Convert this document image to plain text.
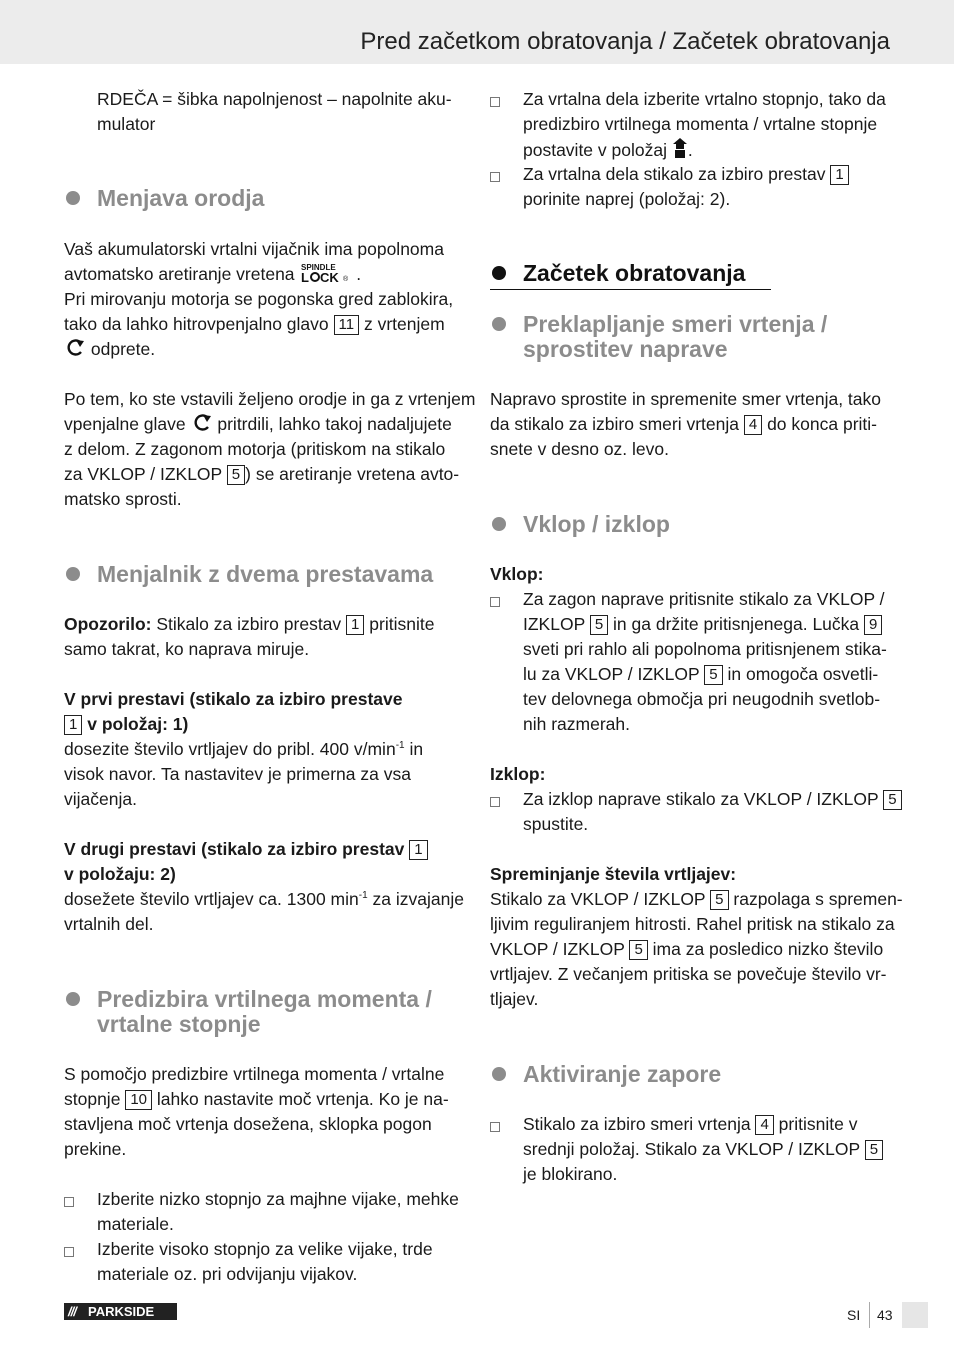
Pred začetkom obratovanja / Začetek obratovanja
RDEČA = šibka napolnjenost – napolnite aku-
mulator
Menjava orodja
Vaš akumulatorski vrtalni vijačnik ima popolnoma
avtomatsko aretiranje vretena SPINDLE
L CK ® .
Pri mirovanju motorja se pogonska gred zablokira,
tako da lahko hitrovpenjalno glavo 11 z vrtenjem
odprete.
Po tem, ko ste vstavili željeno orodje in ga z vrtenjem
vpenjalne glave pritrdili, lahko takoj nadaljujete
z delom. Z zagonom motorja (pritiskom na stikalo
za VKLOP / IZKLOP 5 ) se aretiranje vretena avto-
matsko sprosti.
Menjalnik z dvema prestavama
Opozorilo: Stikalo za izbiro prestav 1 pritisnite
samo takrat, ko naprava miruje.
V prvi prestavi (stikalo za izbiro prestave
1 v položaj: 1)
dosezite število vrtljajev do pribl. 400 $v/\min^{-1}$ in
visok navor. Ta nastavitev je primerna za vsa
vijačenja.
V drugi prestavi (stikalo za izbiro prestav 1
v položaju: 2)
dosežete število vrtljajev ca. 1300 $\min^{-1}$ za izvajanje
vrtalnih del.
Predizbira vrtilnega momenta /
vrtalne stopnje
S pomočjo predizbire vrtilnega momenta / vrtalne
stopnje 10 lahko nastavite moč vrtenja. Ko je na-
stavljena moč vrtenja dosežena, sklopka pogon
prekine.
Izberite nizko stopnjo za majhne vijake, mehke
materiale.
Izberite visoko stopnjo za velike vijake, trde
materiale oz. pri odvijanju vijakov.
Za vrtalna dela izberite vrtalno stopnjo, tako da
predizbiro vrtilnega momenta / vrtalne stopnje
postavite v položaj .
Za vrtalna dela stikalo za izbiro prestav 1
porinite naprej (položaj: 2).
Začetek obratovanja
Preklapljanje smeri vrtenja /
sprostitev naprave
Napravo sprostite in spremenite smer vrtenja, tako
da stikalo za izbiro smeri vrtenja 4 do konca priti-
snete v desno oz. levo.
Vklop / izklop
Vklop:
Za zagon naprave pritisnite stikalo za VKLOP /
IZKLOP 5 in ga držite pritisnjenega. Lučka 9
sveti pri rahlo ali popolnoma pritisnjenem stika-
lu za VKLOP / IZKLOP 5 in omogoča osvetli-
tev delovnega območja pri neugodnih svetlob-
nih razmerah.
Izklop:
Za izklop naprave stikalo za VKLOP / IZKLOP 5
spustite.
Spreminjanje števila vrtljajev:
Stikalo za VKLOP / IZKLOP 5 razpolaga s spremen-
ljivim reguliranjem hitrosti. Rahel pritisk na stikalo za
VKLOP / IZKLOP 5 ima za posledico nizko število
vrtljajev. Z večanjem pritiska se povečuje število vr-
tljajev.
Aktiviranje zapore
Stikalo za izbiro smeri vrtenja 4 pritisnite v
srednji položaj. Stikalo za VKLOP / IZKLOP 5
je blokirano.
/// PARKSIDE	SI 43
